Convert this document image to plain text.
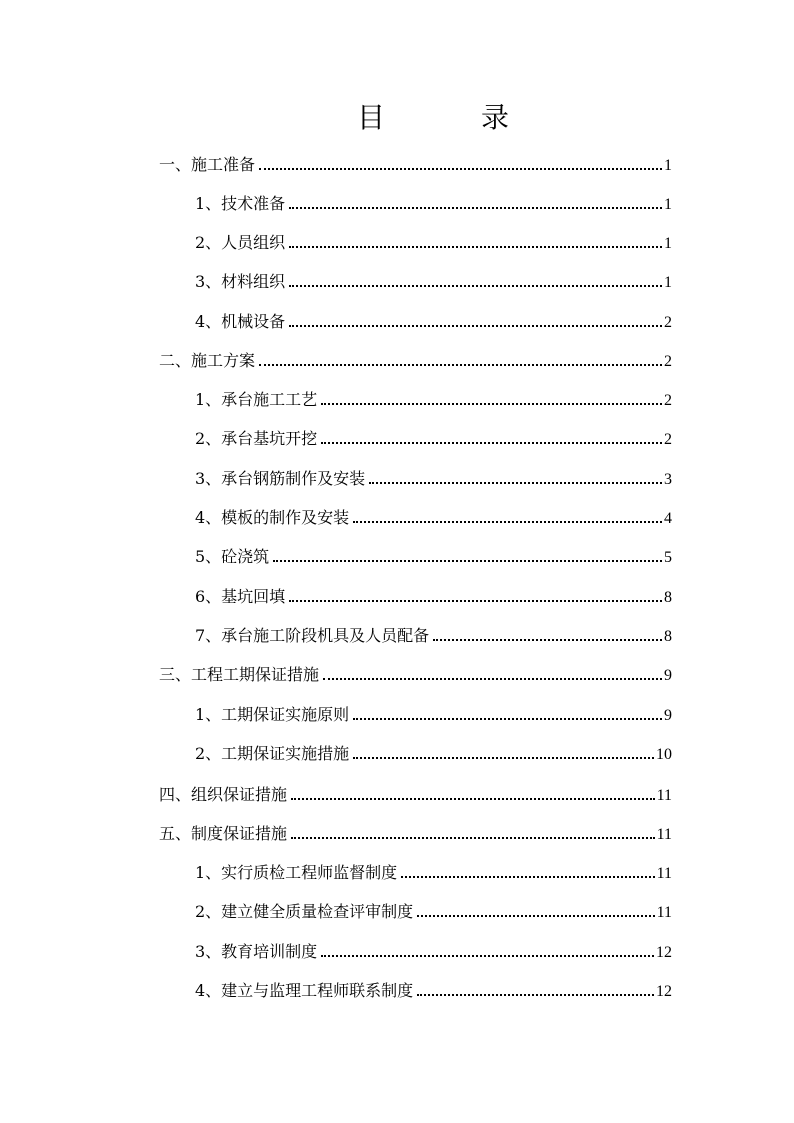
目　录
一、施工准备	1
1、技术准备	1
2、人员组织	1
3、材料组织	1
4、机械设备	2
二、施工方案	2
1、承台施工工艺	2
2、承台基坑开挖	2
3、承台钢筋制作及安装	3
4、模板的制作及安装	4
5、砼浇筑	5
6、基坑回填	8
7、承台施工阶段机具及人员配备	8
三、工程工期保证措施	9
1、工期保证实施原则	9
2、工期保证实施措施	10
四、组织保证措施	11
五、制度保证措施	11
1、实行质检工程师监督制度	11
2、建立健全质量检查评审制度	11
3、教育培训制度	12
4、建立与监理工程师联系制度	12
